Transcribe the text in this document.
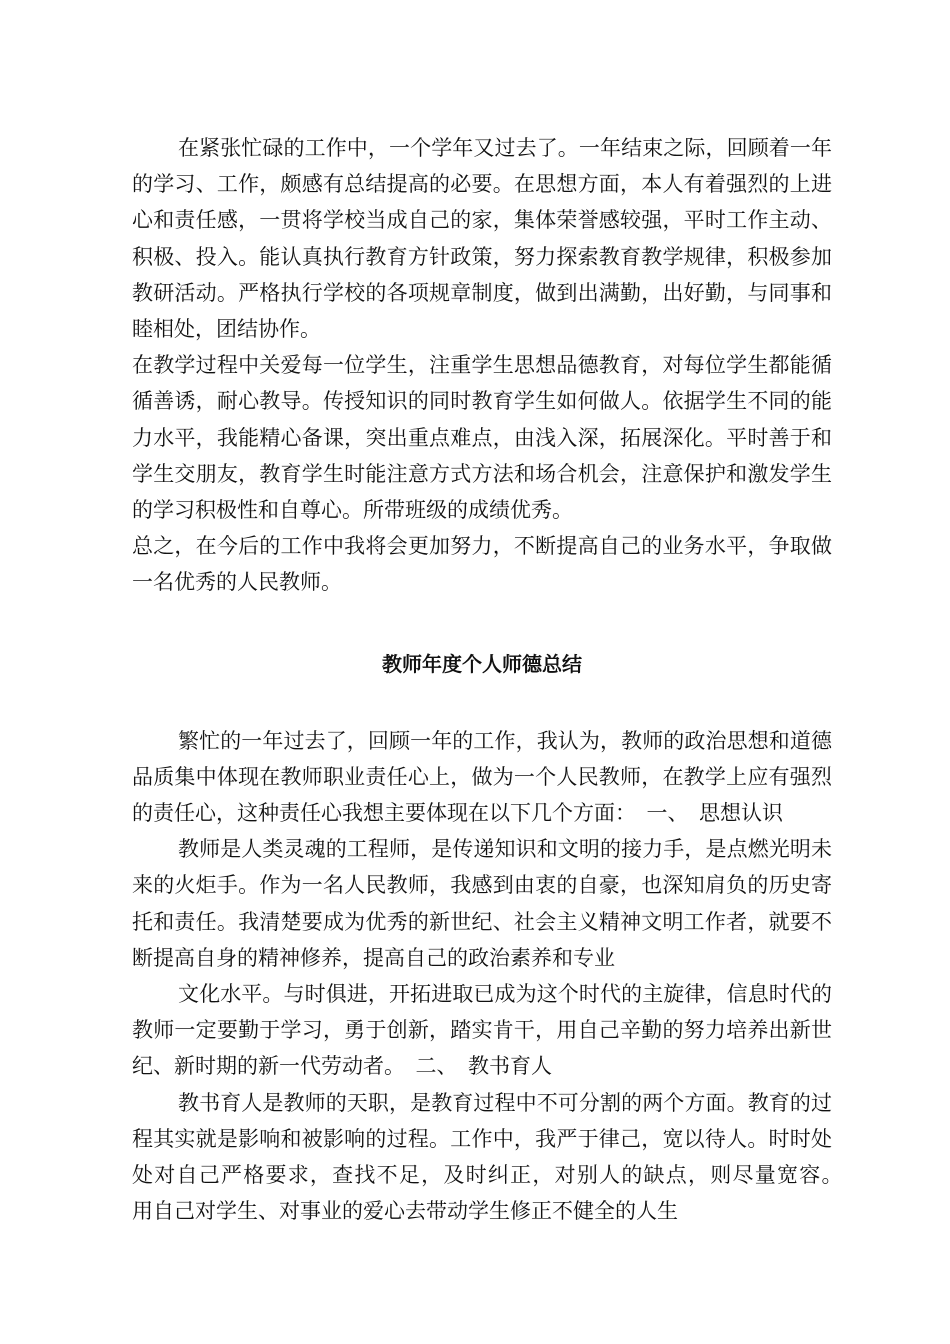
在紧张忙碌的工作中，一个学年又过去了。一年结束之际，回顾着一年的学习、工作，颇感有总结提高的必要。在思想方面，本人有着强烈的上进心和责任感，一贯将学校当成自己的家，集体荣誉感较强，平时工作主动、积极、投入。能认真执行教育方针政策，努力探索教育教学规律，积极参加教研活动。严格执行学校的各项规章制度，做到出满勤，出好勤，与同事和睦相处，团结协作。

在教学过程中关爱每一位学生，注重学生思想品德教育，对每位学生都能循循善诱，耐心教导。传授知识的同时教育学生如何做人。依据学生不同的能力水平，我能精心备课，突出重点难点，由浅入深，拓展深化。平时善于和学生交朋友，教育学生时能注意方式方法和场合机会，注意保护和激发学生的学习积极性和自尊心。所带班级的成绩优秀。

总之，在今后的工作中我将会更加努力，不断提高自己的业务水平，争取做一名优秀的人民教师。

教师年度个人师德总结

繁忙的一年过去了，回顾一年的工作，我认为，教师的政治思想和道德品质集中体现在教师职业责任心上，做为一个人民教师，在教学上应有强烈的责任心，这种责任心我想主要体现在以下几个方面：　一、　思想认识

教师是人类灵魂的工程师，是传递知识和文明的接力手，是点燃光明未来的火炬手。作为一名人民教师，我感到由衷的自豪，也深知肩负的历史寄托和责任。我清楚要成为优秀的新世纪、社会主义精神文明工作者，就要不断提高自身的精神修养，提高自己的政治素养和专业

文化水平。与时俱进，开拓进取已成为这个时代的主旋律，信息时代的教师一定要勤于学习，勇于创新，踏实肯干，用自己辛勤的努力培养出新世纪、新时期的新一代劳动者。　二、　教书育人

教书育人是教师的天职，是教育过程中不可分割的两个方面。教育的过程其实就是影响和被影响的过程。工作中，我严于律己，宽以待人。时时处处对自己严格要求，查找不足，及时纠正，对别人的缺点，则尽量宽容。　用自己对学生、对事业的爱心去带动学生修正不健全的人生
